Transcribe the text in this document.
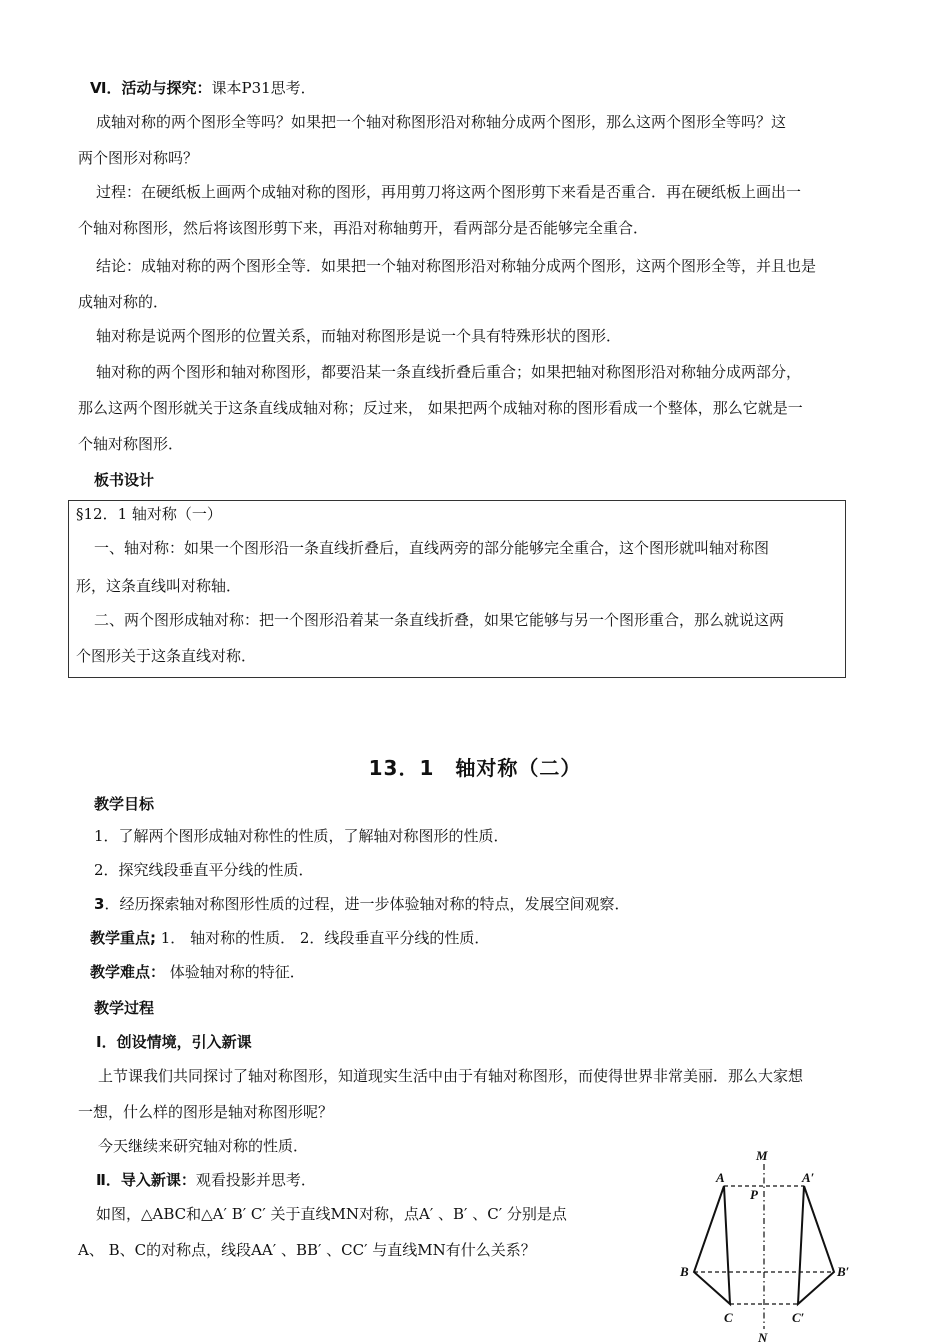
Ⅵ．活动与探究：课本P31思考．
成轴对称的两个图形全等吗？如果把一个轴对称图形沿对称轴分成两个图形，那么这两个图形全等吗？这
两个图形对称吗？
过程：在硬纸板上画两个成轴对称的图形，再用剪刀将这两个图形剪下来看是否重合．再在硬纸板上画出一
个轴对称图形，然后将该图形剪下来，再沿对称轴剪开，看两部分是否能够完全重合．
结论：成轴对称的两个图形全等．如果把一个轴对称图形沿对称轴分成两个图形，这两个图形全等，并且也是
成轴对称的．
轴对称是说两个图形的位置关系，而轴对称图形是说一个具有特殊形状的图形．
轴对称的两个图形和轴对称图形，都要沿某一条直线折叠后重合；如果把轴对称图形沿对称轴分成两部分，
那么这两个图形就关于这条直线成轴对称；反过来， 如果把两个成轴对称的图形看成一个整体，那么它就是一
个轴对称图形．
板书设计
§12．1 轴对称（一）
一、轴对称：如果一个图形沿一条直线折叠后，直线两旁的部分能够完全重合，这个图形就叫轴对称图
形，这条直线叫对称轴．
二、两个图形成轴对称：把一个图形沿着某一条直线折叠，如果它能够与另一个图形重合，那么就说这两
个图形关于这条直线对称．
13．1　轴对称（二）
教学目标
1．了解两个图形成轴对称性的性质，了解轴对称图形的性质．
2．探究线段垂直平分线的性质．
3．经历探索轴对称图形性质的过程，进一步体验轴对称的特点，发展空间观察．
教学重点; 1． 轴对称的性质． 2．线段垂直平分线的性质．
教学难点： 体验轴对称的特征．
教学过程
Ⅰ．创设情境，引入新课
上节课我们共同探讨了轴对称图形，知道现实生活中由于有轴对称图形，而使得世界非常美丽．那么大家想
一想，什么样的图形是轴对称图形呢？
今天继续来研究轴对称的性质．
Ⅱ．导入新课：观看投影并思考．
如图，△ABC和△A′ B′ C′ 关于直线MN对称，点A′ 、B′ 、C′ 分别是点
A、 B、C的对称点，线段AA′ 、BB′ 、CC′ 与直线MN有什么关系？
M
N
P
A	A′
B	B′
C	C′
